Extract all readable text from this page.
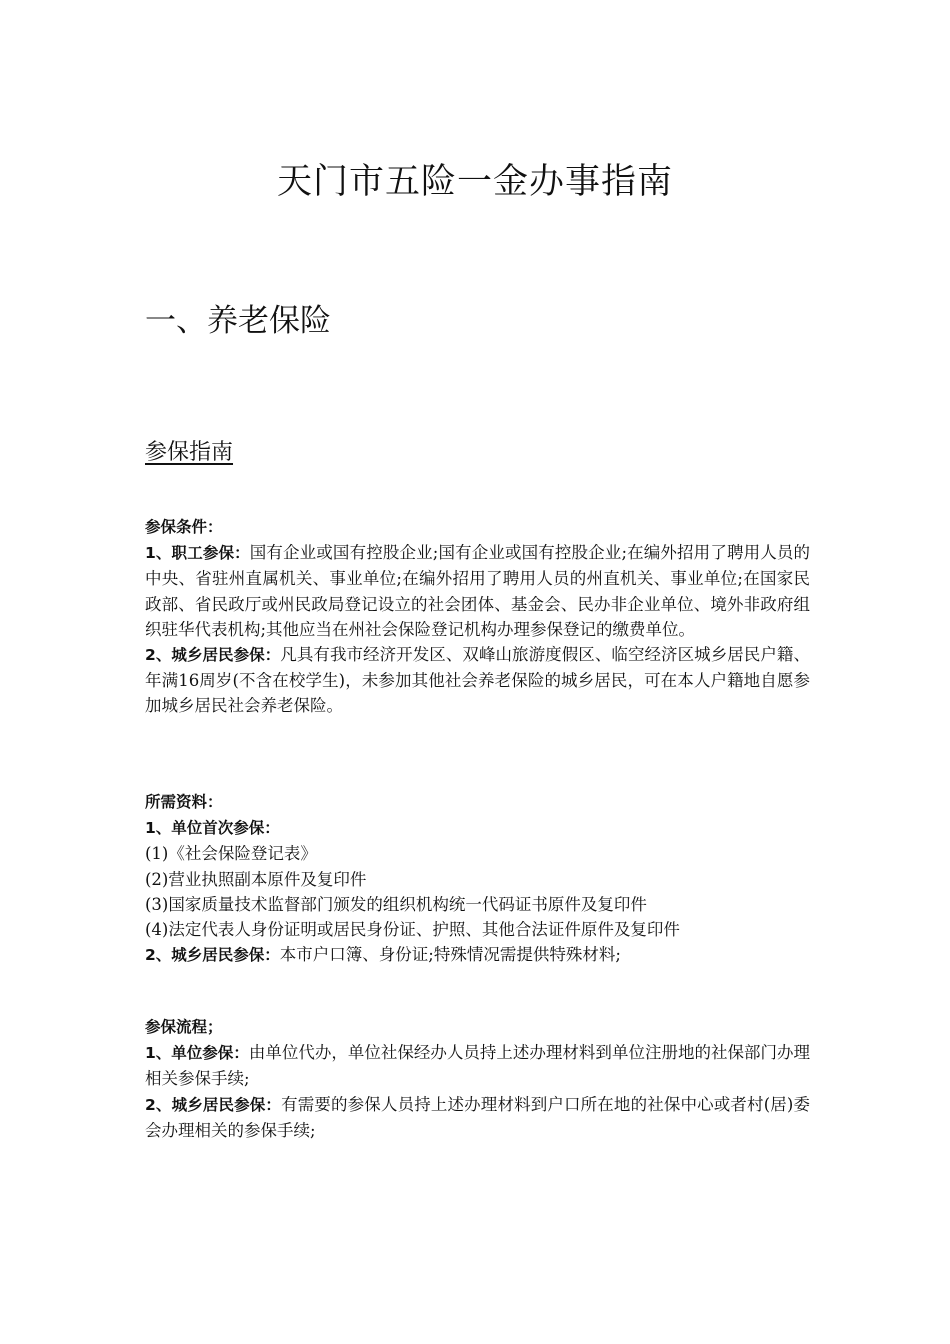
天门市五险一金办事指南
一、养老保险
参保指南

参保条件：

1、职工参保：国有企业或国有控股企业;国有企业或国有控股企业;在编外招用了聘用人员的中央、省驻州直属机关、事业单位;在编外招用了聘用人员的州直机关、事业单位;在国家民政部、省民政厅或州民政局登记设立的社会团体、基金会、民办非企业单位、境外非政府组织驻华代表机构;其他应当在州社会保险登记机构办理参保登记的缴费单位。

2、城乡居民参保：凡具有我市经济开发区、双峰山旅游度假区、临空经济区城乡居民户籍、年满16周岁(不含在校学生)，未参加其他社会养老保险的城乡居民，可在本人户籍地自愿参加城乡居民社会养老保险。

所需资料：

1、单位首次参保：

(1)《社会保险登记表》

(2)营业执照副本原件及复印件

(3)国家质量技术监督部门颁发的组织机构统一代码证书原件及复印件

(4)法定代表人身份证明或居民身份证、护照、其他合法证件原件及复印件

2、城乡居民参保：本市户口簿、身份证;特殊情况需提供特殊材料;

参保流程；

1、单位参保：由单位代办，单位社保经办人员持上述办理材料到单位注册地的社保部门办理相关参保手续;

2、城乡居民参保：有需要的参保人员持上述办理材料到户口所在地的社保中心或者村(居)委会办理相关的参保手续;
